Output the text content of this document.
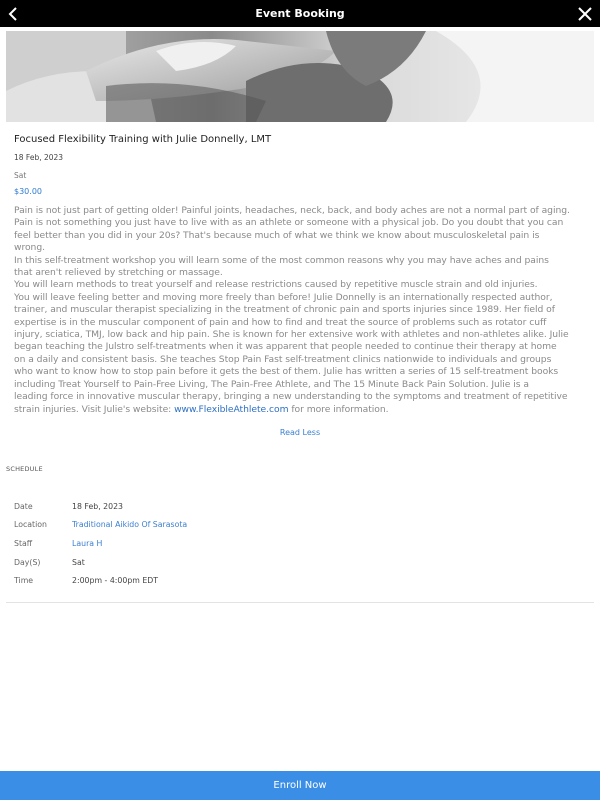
Event Booking
Focused Flexibility Training with Julie Donnelly, LMT
18 Feb, 2023
Sat
$30.00

Pain is not just part of getting older! Painful joints, headaches, neck, back, and body aches are not a normal part of aging.

Pain is not something you just have to live with as an athlete or someone with a physical job. Do you doubt that you can

feel better than you did in your 20s? That's because much of what we think we know about musculoskeletal pain is

wrong.

In this self-treatment workshop you will learn some of the most common reasons why you may have aches and pains

that aren't relieved by stretching or massage.

You will learn methods to treat yourself and release restrictions caused by repetitive muscle strain and old injuries.

You will leave feeling better and moving more freely than before! Julie Donnelly is an internationally respected author,

trainer, and muscular therapist specializing in the treatment of chronic pain and sports injuries since 1989. Her field of

expertise is in the muscular component of pain and how to find and treat the source of problems such as rotator cuff

injury, sciatica, TMJ, low back and hip pain. She is known for her extensive work with athletes and non-athletes alike. Julie

began teaching the Julstro self-treatments when it was apparent that people needed to continue their therapy at home

on a daily and consistent basis. She teaches Stop Pain Fast self-treatment clinics nationwide to individuals and groups

who want to know how to stop pain before it gets the best of them. Julie has written a series of 15 self-treatment books

including Treat Yourself to Pain-Free Living, The Pain-Free Athlete, and The 15 Minute Back Pain Solution. Julie is a

leading force in innovative muscular therapy, bringing a new understanding to the symptoms and treatment of repetitive

strain injuries. Visit Julie's website: www.FlexibleAthlete.com for more information.

Read Less
SCHEDULE
Date	18 Feb, 2023
Location	Traditional Aikido Of Sarasota
Staff	Laura H
Day(S)	Sat
Time	2:00pm - 4:00pm EDT
Enroll Now
